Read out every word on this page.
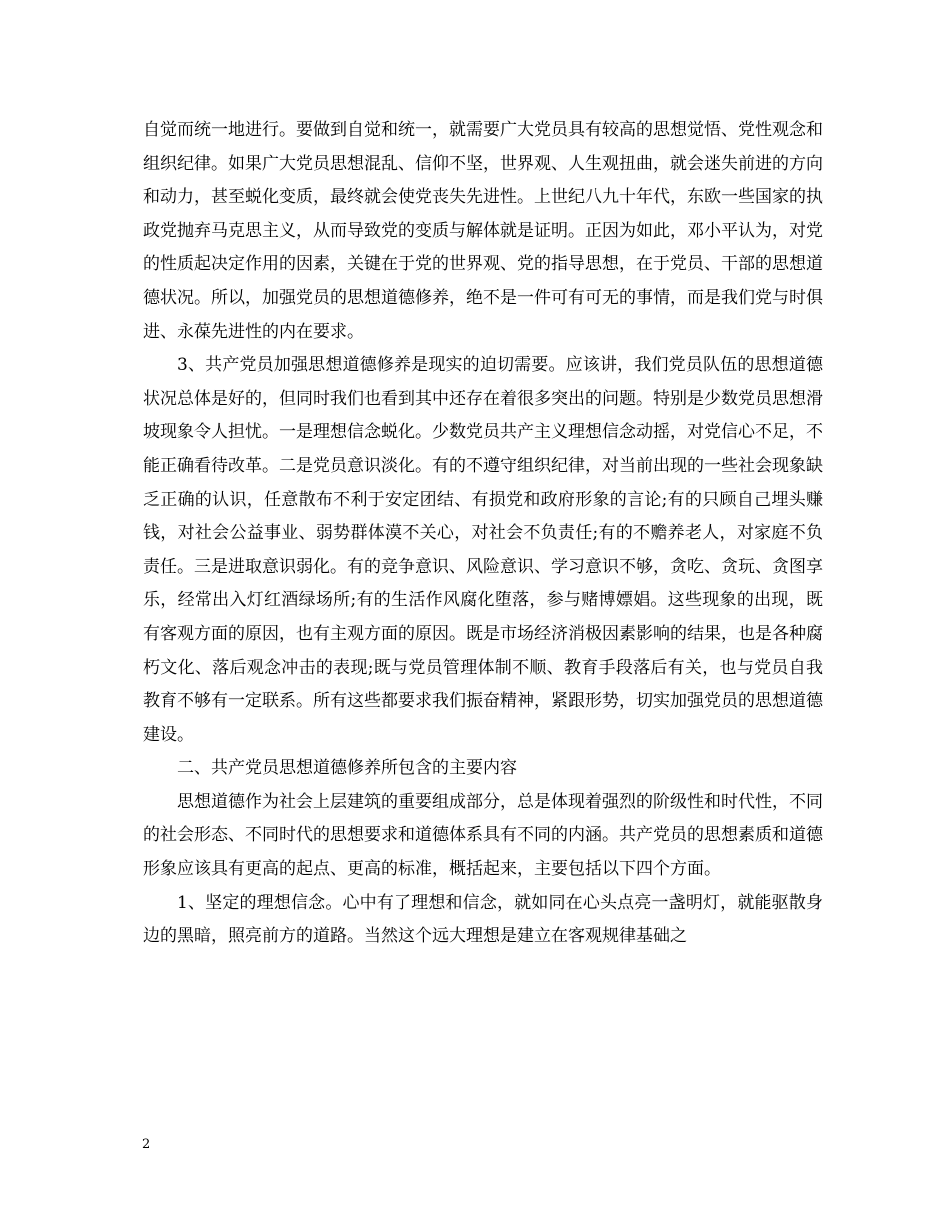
自觉而统一地进行。要做到自觉和统一，就需要广大党员具有较高的思想觉悟、党性观念和组织纪律。如果广大党员思想混乱、信仰不坚，世界观、人生观扭曲，就会迷失前进的方向和动力，甚至蜕化变质，最终就会使党丧失先进性。上世纪八九十年代，东欧一些国家的执政党抛弃马克思主义，从而导致党的变质与解体就是证明。正因为如此，邓小平认为，对党的性质起决定作用的因素，关键在于党的世界观、党的指导思想，在于党员、干部的思想道德状况。所以，加强党员的思想道德修养，绝不是一件可有可无的事情，而是我们党与时俱进、永葆先进性的内在要求。

3、共产党员加强思想道德修养是现实的迫切需要。应该讲，我们党员队伍的思想道德状况总体是好的，但同时我们也看到其中还存在着很多突出的问题。特别是少数党员思想滑坡现象令人担忧。一是理想信念蜕化。少数党员共产主义理想信念动摇，对党信心不足，不能正确看待改革。二是党员意识淡化。有的不遵守组织纪律，对当前出现的一些社会现象缺乏正确的认识，任意散布不利于安定团结、有损党和政府形象的言论;有的只顾自己埋头赚钱，对社会公益事业、弱势群体漠不关心，对社会不负责任;有的不赡养老人，对家庭不负责任。三是进取意识弱化。有的竞争意识、风险意识、学习意识不够，贪吃、贪玩、贪图享乐，经常出入灯红酒绿场所;有的生活作风腐化堕落，参与赌博嫖娼。这些现象的出现，既有客观方面的原因，也有主观方面的原因。既是市场经济消极因素影响的结果，也是各种腐朽文化、落后观念冲击的表现;既与党员管理体制不顺、教育手段落后有关，也与党员自我教育不够有一定联系。所有这些都要求我们振奋精神，紧跟形势，切实加强党员的思想道德建设。

二、共产党员思想道德修养所包含的主要内容

思想道德作为社会上层建筑的重要组成部分，总是体现着强烈的阶级性和时代性，不同的社会形态、不同时代的思想要求和道德体系具有不同的内涵。共产党员的思想素质和道德形象应该具有更高的起点、更高的标准，概括起来，主要包括以下四个方面。

1、坚定的理想信念。心中有了理想和信念，就如同在心头点亮一盏明灯，就能驱散身边的黑暗，照亮前方的道路。当然这个远大理想是建立在客观规律基础之

2
